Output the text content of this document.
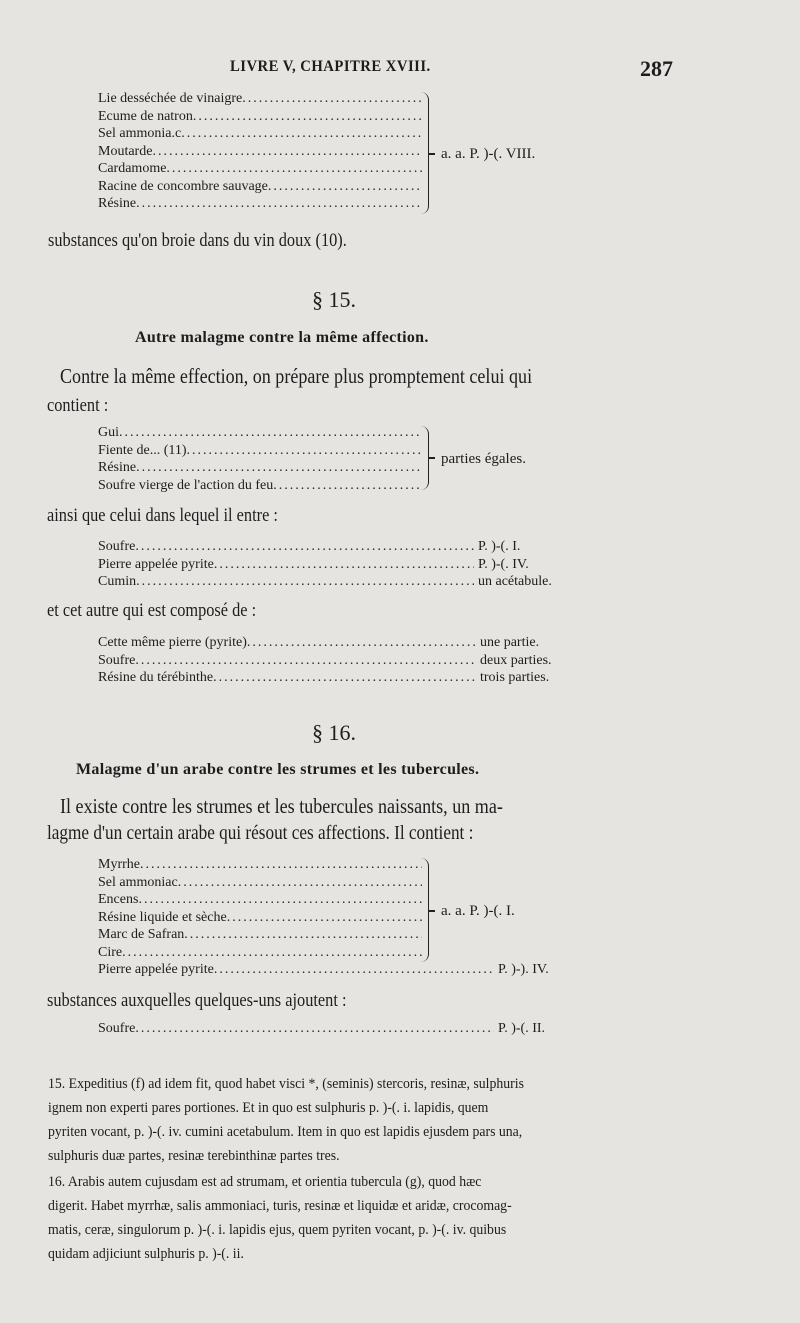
LIVRE V, CHAPITRE XVIII.	287
Lie desséchée de vinaigre
.....
Ecume de natron
.....
Sel ammonia.c
.....
Moutarde
.....
Cardamome
.....
Racine de concombre sauvage
.....
Résine
.....
a. a. P. )-(. VIII.
substances qu'on broie dans du vin doux (10).
§ 15.
Autre malagme contre la même affection.
Contre la même effection, on prépare plus promptement celui qui
contient :
Gui
.....
Fiente de... (11)
.....
Résine
.....
Soufre vierge de l'action du feu
.....
parties égales.
ainsi que celui dans lequel il entre :
Soufre .....	P. )-(. I.
Pierre appelée pyrite .....	P. )-(. IV.
Cumin .....	un acétabule.
et cet autre qui est composé de :
Cette même pierre (pyrite) .....	une partie.
Soufre .....	deux parties.
Résine du térébinthe .....	trois parties.
§ 16.
Malagme d'un arabe contre les strumes et les tubercules.
Il existe contre les strumes et les tubercules naissants, un ma-
lagme d'un certain arabe qui résout ces affections. Il contient :
Myrrhe
.....
Sel ammoniac
.....
Encens
.....
Résine liquide et sèche
.....
Marc de Safran
.....
Cire
.....
a. a. P. )-(. I.
Pierre appelée pyrite .....	P. )-). IV.
substances auxquelles quelques-uns ajoutent :
Soufre .....	P. )-(. II.
15. Expeditius (f) ad idem fit, quod habet visci *, (seminis) stercoris, resinæ, sulphuris
ignem non experti pares portiones. Et in quo est sulphuris p. )-(. i. lapidis, quem
pyriten vocant, p. )-(. iv. cumini acetabulum. Item in quo est lapidis ejusdem pars una,
sulphuris duæ partes, resinæ terebinthinæ partes tres.
16. Arabis autem cujusdam est ad strumam, et orientia tubercula (g), quod hæc
digerit. Habet myrrhæ, salis ammoniaci, turis, resinæ et liquidæ et aridæ, crocomag-
matis, ceræ, singulorum p. )-(. i. lapidis ejus, quem pyriten vocant, p. )-(. iv. quibus
quidam adjiciunt sulphuris p. )-(. ii.
